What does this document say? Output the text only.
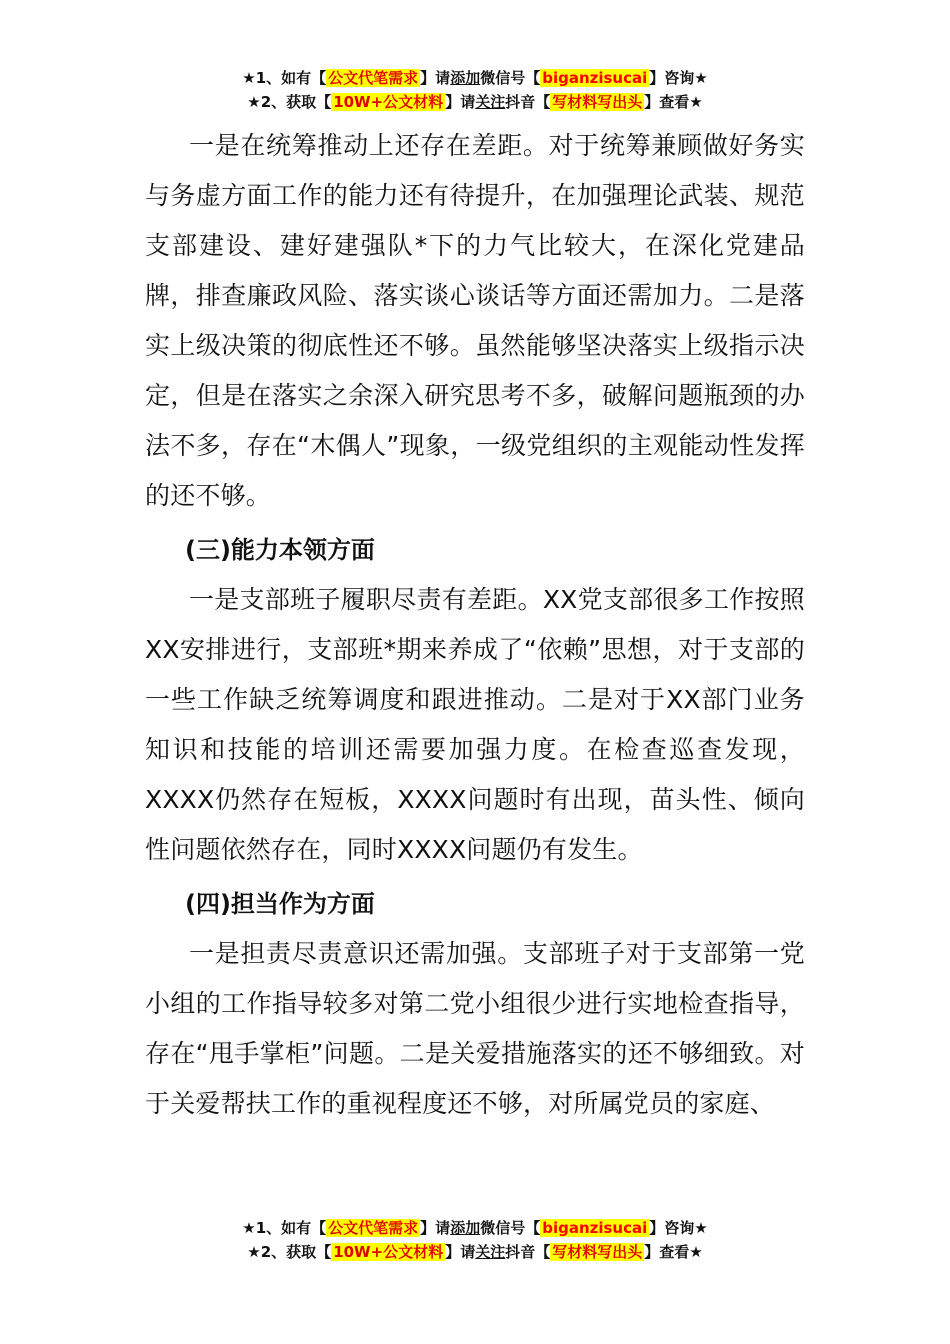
★1、如有【 公文代笔需求 】请添加微信号【 biganzisucai 】咨询★
★2、获取【 10W+公文材料 】请关注抖音【 写材料写出头 】查看★

一是在统筹推动上还存在差距。对于统筹兼顾做好务实与务虚方面工作的能力还有待提升，在加强理论武装、规范支部建设、建好建强队*下的力气比较大，在深化党建品牌，排查廉政风险、落实谈心谈话等方面还需加力。二是落实上级决策的彻底性还不够。虽然能够坚决落实上级指示决定，但是在落实之余深入研究思考不多，破解问题瓶颈的办法不多，存在“木偶人”现象，一级党组织的主观能动性发挥的还不够。

(三)能力本领方面

一是支部班子履职尽责有差距。XX党支部很多工作按照XX安排进行，支部班*期来养成了“依赖”思想，对于支部的一些工作缺乏统筹调度和跟进推动。二是对于XX部门业务知识和技能的培训还需要加强力度。在检查巡查发现，XXXX仍然存在短板，XXXX问题时有出现，苗头性、倾向性问题依然存在，同时XXXX问题仍有发生。

(四)担当作为方面

一是担责尽责意识还需加强。支部班子对于支部第一党小组的工作指导较多对第二党小组很少进行实地检查指导，存在“甩手掌柜”问题。二是关爱措施落实的还不够细致。对于关爱帮扶工作的重视程度还不够，对所属党员的家庭、

★1、如有【 公文代笔需求 】请添加微信号【 biganzisucai 】咨询★
★2、获取【 10W+公文材料 】请关注抖音【 写材料写出头 】查看★
